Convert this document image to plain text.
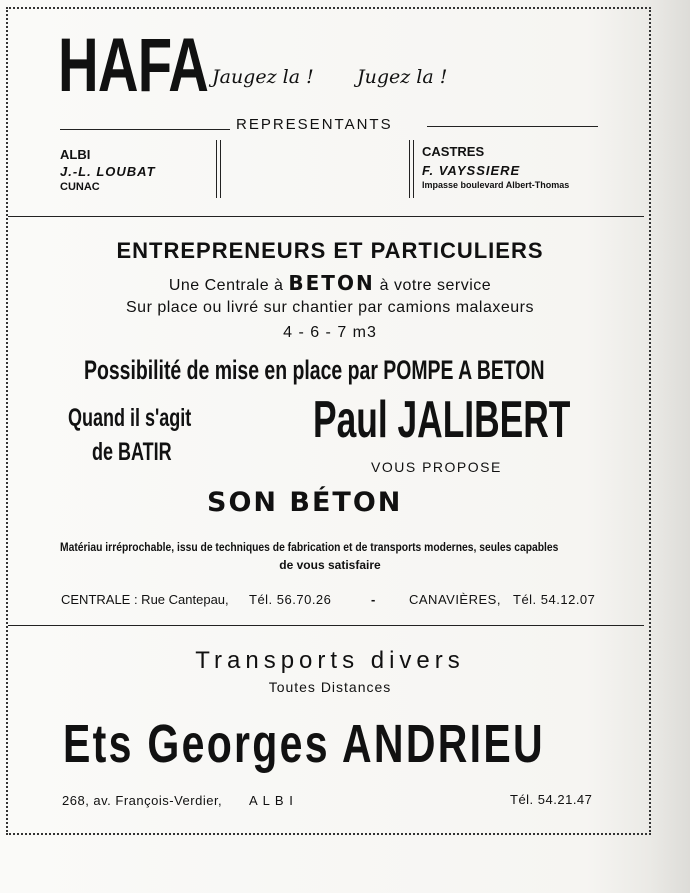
HAFA Jaugez la ! Jugez la !
REPRESENTANTS
ALBI
J.-L. LOUBAT
CUNAC
CASTRES
F. VAYSSIERE
Impasse boulevard Albert-Thomas
ENTREPRENEURS ET PARTICULIERS
Une Centrale à BETON à votre service
Sur place ou livré sur chantier par camions malaxeurs
4 - 6 - 7 m3
Possibilité de mise en place par POMPE A BETON
Quand il s'agit
de BATIR
Paul JALIBERT
VOUS PROPOSE
SON BÉTON
Matériau irréprochable, issu de techniques de fabrication et de transports modernes, seules capables
de vous satisfaire
CENTRALE : Rue Cantepau, Tél. 56.70.26	-	CANAVIÈRES, Tél. 54.12.07
Transports divers
Toutes Distances
Ets Georges ANDRIEU
268, av. François-Verdier, A L B I	Tél. 54.21.47
